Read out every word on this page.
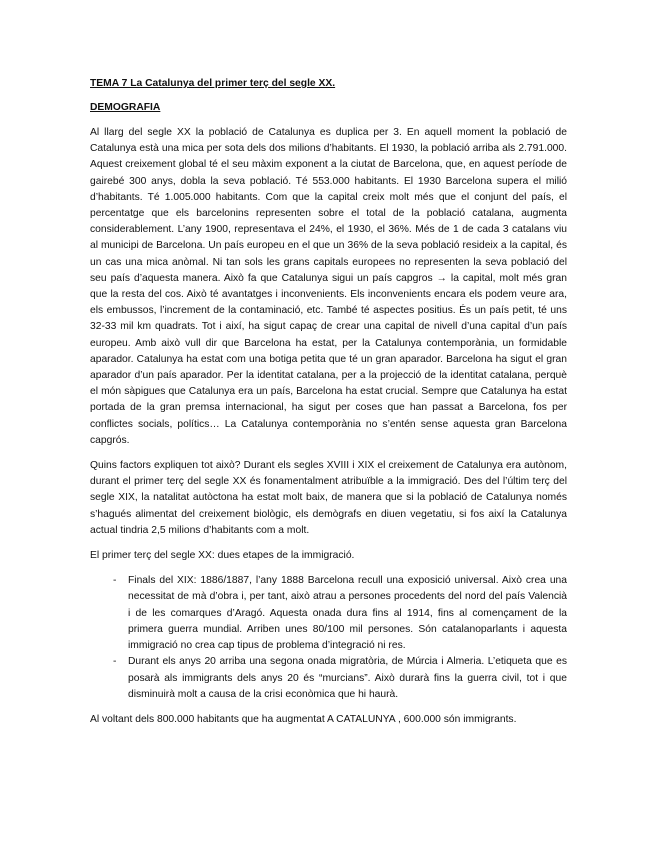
TEMA 7 La Catalunya del primer terç del segle XX.
DEMOGRAFIA

Al llarg del segle XX la població de Catalunya es duplica per 3. En aquell moment la població de Catalunya està una mica per sota dels dos milions d’habitants. El 1930, la població arriba als 2.791.000. Aquest creixement global té el seu màxim exponent a la ciutat de Barcelona, que, en aquest període de gairebé 300 anys, dobla la seva població. Té 553.000 habitants. El 1930 Barcelona supera el milió d’habitants. Té 1.005.000 habitants. Com que la capital creix molt més que el conjunt del país, el percentatge que els barcelonins representen sobre el total de la població catalana, augmenta considerablement. L’any 1900, representava el 24%, el 1930, el 36%. Més de 1 de cada 3 catalans viu al municipi de Barcelona. Un país europeu en el que un 36% de la seva població resideix a la capital, és un cas una mica anòmal. Ni tan sols les grans capitals europees no representen la seva població del seu país d’aquesta manera. Això fa que Catalunya sigui un país capgros → la capital, molt més gran que la resta del cos. Això té avantatges i inconvenients. Els inconvenients encara els podem veure ara, els embussos, l’increment de la contaminació, etc. També té aspectes positius. És un país petit, té uns 32-33 mil km quadrats. Tot i així, ha sigut capaç de crear una capital de nivell d’una capital d’un país europeu. Amb això vull dir que Barcelona ha estat, per la Catalunya contemporània, un formidable aparador. Catalunya ha estat com una botiga petita que té un gran aparador. Barcelona ha sigut el gran aparador d’un país aparador. Per la identitat catalana, per a la projecció de la identitat catalana, perquè el món sàpigues que Catalunya era un país, Barcelona ha estat crucial. Sempre que Catalunya ha estat portada de la gran premsa internacional, ha sigut per coses que han passat a Barcelona, fos per conflictes socials, polítics… La Catalunya contemporània no s’entén sense aquesta gran Barcelona capgrós.

Quins factors expliquen tot això? Durant els segles XVIII i XIX el creixement de Catalunya era autònom, durant el primer terç del segle XX és fonamentalment atribuïble a la immigració. Des del l’últim terç del segle XIX, la natalitat autòctona ha estat molt baix, de manera que si la població de Catalunya només s’hagués alimentat del creixement biològic, els demògrafs en diuen vegetatiu, si fos així la Catalunya actual tindria 2,5 milions d’habitants com a molt.

El primer terç del segle XX: dues etapes de la immigració.

- Finals del XIX: 1886/1887, l’any 1888 Barcelona recull una exposició universal. Això crea una necessitat de mà d’obra i, per tant, això atrau a persones procedents del nord del país Valencià i de les comarques d’Aragó. Aquesta onada dura fins al 1914, fins al començament de la primera guerra mundial. Arriben unes 80/100 mil persones. Són catalanoparlants i aquesta immigració no crea cap tipus de problema d’integració ni res.
- Durant els anys 20 arriba una segona onada migratòria, de Múrcia i Almeria. L’etiqueta que es posarà als immigrants dels anys 20 és “murcians”. Això durarà fins la guerra civil, tot i que disminuirà molt a causa de la crisi econòmica que hi haurà.

Al voltant dels 800.000 habitants que ha augmentat A CATALUNYA , 600.000 són immigrants.
